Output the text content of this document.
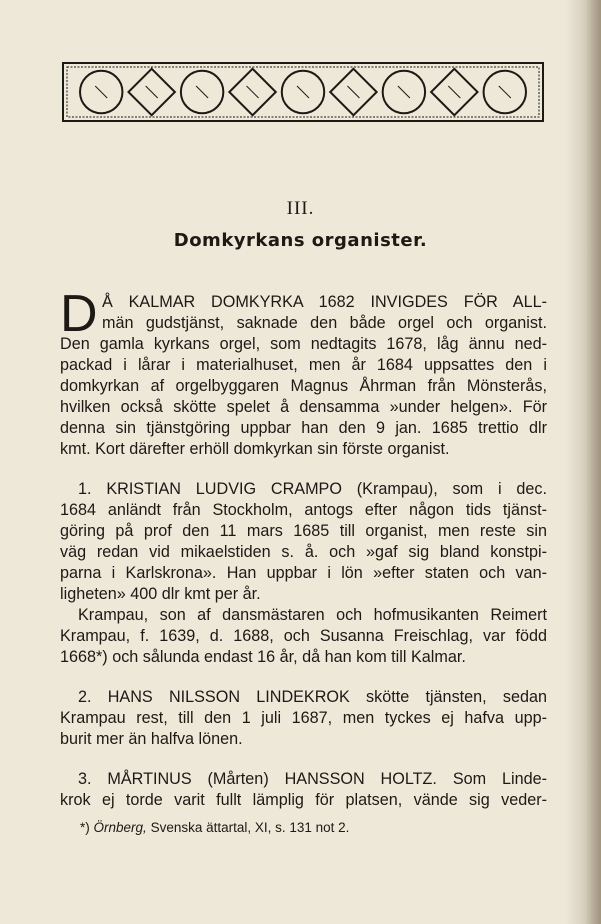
III.
Domkyrkans organister.
D Å KALMAR DOMKYRKA 1682 INVIGDES FÖR ALL-
män gudstjänst, saknade den både orgel och organist.
Den gamla kyrkans orgel, som nedtagits 1678, låg ännu ned-
packad i lårar i materialhuset, men år 1684 uppsattes den i
domkyrkan af orgelbyggaren Magnus Åhrman från Mönsterås,
hvilken också skötte spelet å densamma »under helgen». För
denna sin tjänstgöring uppbar han den 9 jan. 1685 trettio dlr
kmt. Kort därefter erhöll domkyrkan sin förste organist.
1. KRISTIAN LUDVIG CRAMPO (Krampau), som i dec.
1684 anländt från Stockholm, antogs efter någon tids tjänst-
göring på prof den 11 mars 1685 till organist, men reste sin
väg redan vid mikaelstiden s. å. och »gaf sig bland konstpi-
parna i Karlskrona». Han uppbar i lön »efter staten och van-
ligheten» 400 dlr kmt per år.
Krampau, son af dansmästaren och hofmusikanten Reimert
Krampau, f. 1639, d. 1688, och Susanna Freischlag, var född
1668*) och sålunda endast 16 år, då han kom till Kalmar.
2. HANS NILSSON LINDEKROK skötte tjänsten, sedan
Krampau rest, till den 1 juli 1687, men tyckes ej hafva upp-
burit mer än halfva lönen.
3. MÅRTINUS (Mårten) HANSSON HOLTZ. Som Linde-
krok ej torde varit fullt lämplig för platsen, vände sig veder-
*) Örnberg, Svenska ättartal, XI, s. 131 not 2.
